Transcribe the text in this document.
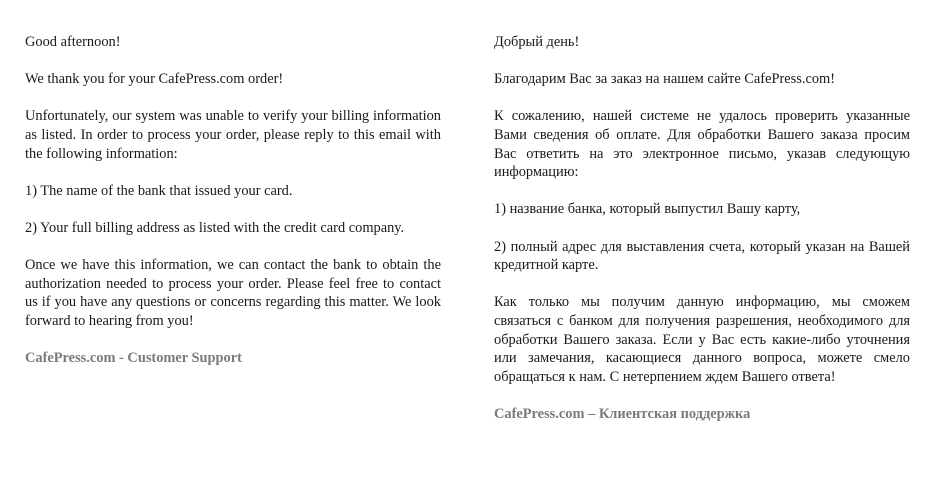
Good afternoon!

We thank you for your CafePress.com order!

Unfortunately, our system was unable to verify your billing information as listed. In order to process your order, please reply to this email with the following information:

1) The name of the bank that issued your card.

2) Your full billing address as listed with the credit card company.

Once we have this information, we can contact the bank to obtain the authorization needed to process your order. Please feel free to contact us if you have any questions or concerns regarding this matter. We look forward to hearing from you!

CafePress.com - Customer Support

Добрый день!

Благодарим Вас за заказ на нашем сайте CafePress.com!

К сожалению, нашей системе не удалось проверить указанные Вами сведения об оплате. Для обработки Вашего заказа просим Вас ответить на это электронное письмо, указав следующую информацию:

1) название банка, который выпустил Вашу карту,

2) полный адрес для выставления счета, который указан на Вашей кредитной карте.

Как только мы получим данную информацию, мы сможем связаться с банком для получения разрешения, необходимого для обработки Вашего заказа. Если у Вас есть какие-либо уточнения или замечания, касающиеся данного вопроса, можете смело обращаться к нам. С нетерпением ждем Вашего ответа!

CafePress.com – Клиентская поддержка
